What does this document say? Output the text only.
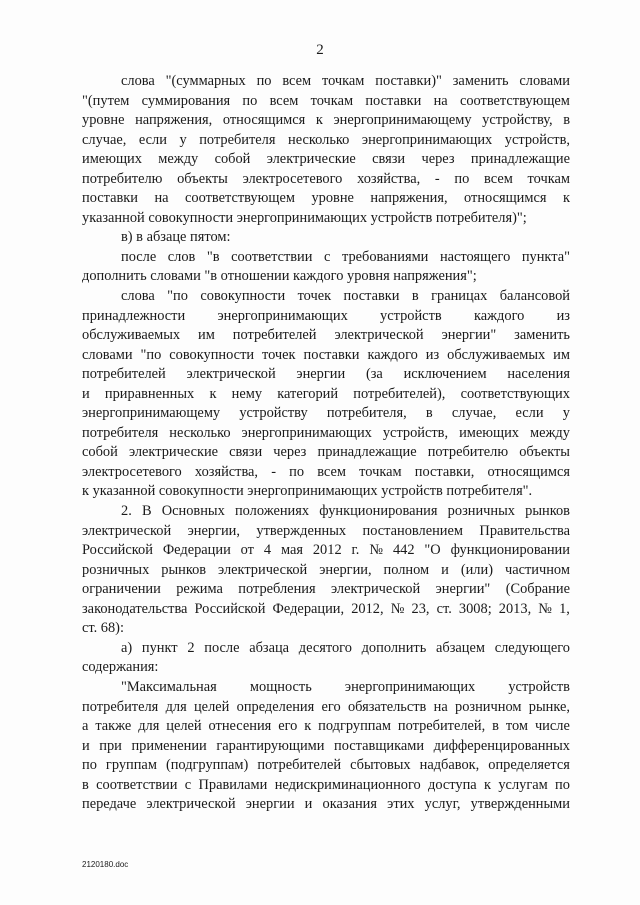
2
слова "(суммарных по всем точкам поставки)" заменить словами
"(путем суммирования по всем точкам поставки на соответствующем
уровне напряжения, относящимся к энергопринимающему устройству, в
случае, если у потребителя несколько энергопринимающих устройств,
имеющих между собой электрические связи через принадлежащие
потребителю объекты электросетевого хозяйства, - по всем точкам
поставки на соответствующем уровне напряжения, относящимся к
указанной совокупности энергопринимающих устройств потребителя)";
в) в абзаце пятом:
после слов "в соответствии с требованиями настоящего пункта"
дополнить словами "в отношении каждого уровня напряжения";
слова "по совокупности точек поставки в границах балансовой
принадлежности энергопринимающих устройств каждого из
обслуживаемых им потребителей электрической энергии" заменить
словами "по совокупности точек поставки каждого из обслуживаемых им
потребителей электрической энергии (за исключением населения
и приравненных к нему категорий потребителей), соответствующих
энергопринимающему устройству потребителя, в случае, если у
потребителя несколько энергопринимающих устройств, имеющих между
собой электрические связи через принадлежащие потребителю объекты
электросетевого хозяйства, - по всем точкам поставки, относящимся
к указанной совокупности энергопринимающих устройств потребителя".
2. В Основных положениях функционирования розничных рынков
электрической энергии, утвержденных постановлением Правительства
Российской Федерации от 4 мая 2012 г. № 442 "О функционировании
розничных рынков электрической энергии, полном и (или) частичном
ограничении режима потребления электрической энергии" (Собрание
законодательства Российской Федерации, 2012, № 23, ст. 3008; 2013, № 1,
ст. 68):
а) пункт 2 после абзаца десятого дополнить абзацем следующего
содержания:
"Максимальная мощность энергопринимающих устройств
потребителя для целей определения его обязательств на розничном рынке,
а также для целей отнесения его к подгруппам потребителей, в том числе
и при применении гарантирующими поставщиками дифференцированных
по группам (подгруппам) потребителей сбытовых надбавок, определяется
в соответствии с Правилами недискриминационного доступа к услугам по
передаче электрической энергии и оказания этих услуг, утвержденными
2120180.doc
